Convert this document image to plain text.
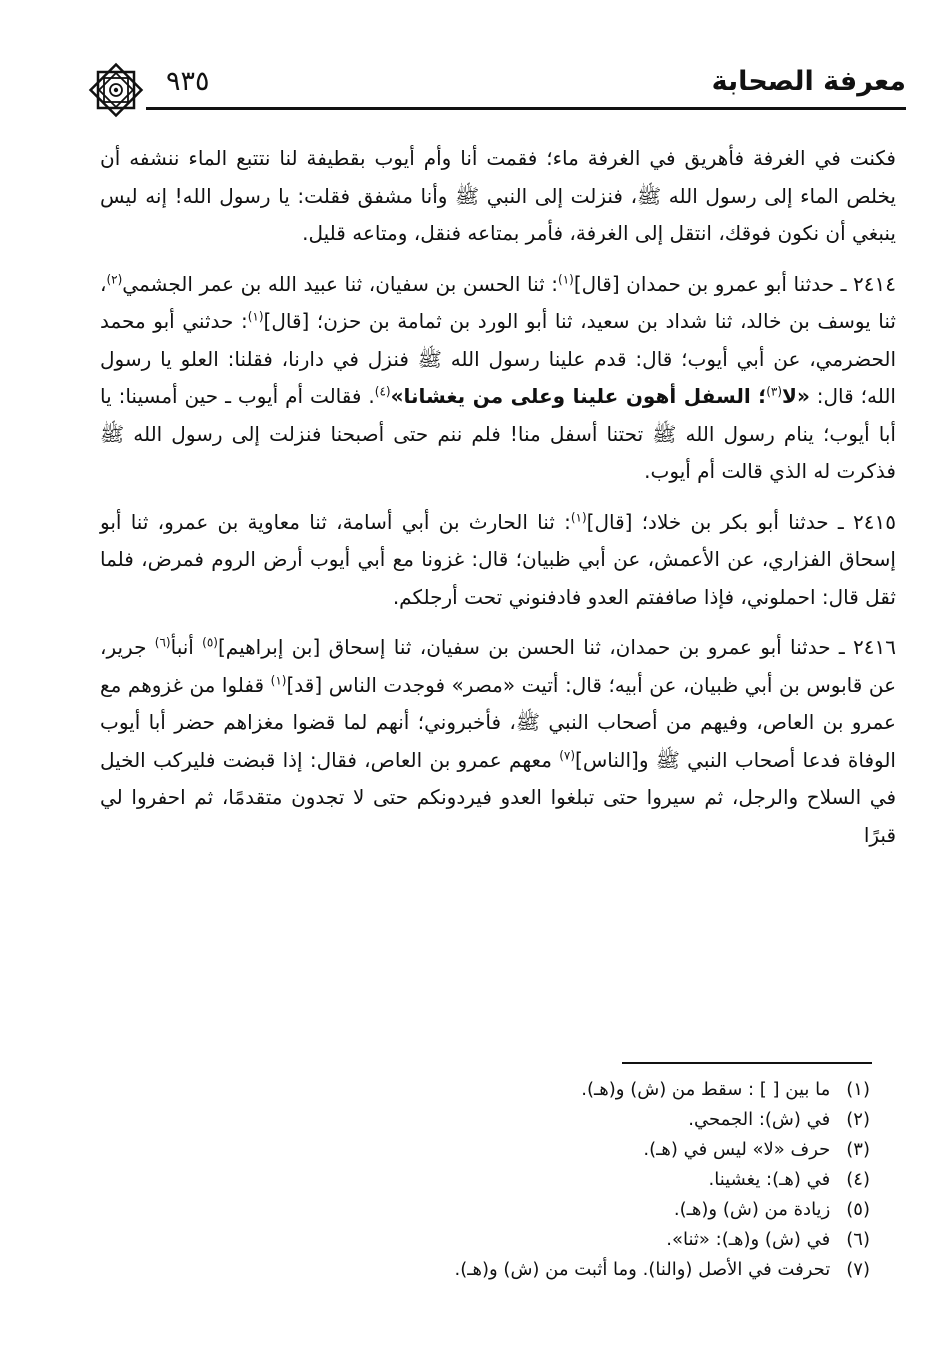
معرفة الصحابة
٩٣٥

فكنت في الغرفة فأهريق في الغرفة ماء؛ فقمت أنا وأم أيوب بقطيفة لنا نتتبع الماء ننشفه أن يخلص الماء إلى رسول الله ﷺ، فنزلت إلى النبي ﷺ وأنا مشفق فقلت: يا رسول الله! إنه ليس ينبغي أن نكون فوقك، انتقل إلى الغرفة، فأمر بمتاعه فنقل، ومتاعه قليل.

٢٤١٤ ـ حدثنا أبو عمرو بن حمدان [قال]$^{(١)}$: ثنا الحسن بن سفيان، ثنا عبيد الله بن عمر الجشمي$^{(٢)}$، ثنا يوسف بن خالد، ثنا شداد بن سعيد، ثنا أبو الورد بن ثمامة بن حزن؛ [قال]$^{(١)}$: حدثني أبو محمد الحضرمي، عن أبي أيوب؛ قال: قدم علينا رسول الله ﷺ فنزل في دارنا، فقلنا: العلو يا رسول الله؛ قال: «لا$^{(٣)}$؛ السفل أهون علينا وعلى من يغشانا»$^{(٤)}$. فقالت أم أيوب ـ حين أمسينا: يا أبا أيوب؛ ينام رسول الله ﷺ تحتنا أسفل منا! فلم ننم حتى أصبحنا فنزلت إلى رسول الله ﷺ فذكرت له الذي قالت أم أيوب.

٢٤١٥ ـ حدثنا أبو بكر بن خلاد؛ [قال]$^{(١)}$: ثنا الحارث بن أبي أسامة، ثنا معاوية بن عمرو، ثنا أبو إسحاق الفزاري، عن الأعمش، عن أبي ظبيان؛ قال: غزونا مع أبي أيوب أرض الروم فمرض، فلما ثقل قال: احملوني، فإذا صاففتم العدو فادفنوني تحت أرجلكم.

٢٤١٦ ـ حدثنا أبو عمرو بن حمدان، ثنا الحسن بن سفيان، ثنا إسحاق [بن إبراهيم]$^{(٥)}$ أنبأ$^{(٦)}$ جرير، عن قابوس بن أبي ظبيان، عن أبيه؛ قال: أتيت «مصر» فوجدت الناس [قد]$^{(١)}$ قفلوا من غزوهم مع عمرو بن العاص، وفيهم من أصحاب النبي ﷺ، فأخبروني؛ أنهم لما قضوا مغزاهم حضر أبا أيوب الوفاة فدعا أصحاب النبي ﷺ و[الناس]$^{(٧)}$ معهم عمرو بن العاص، فقال: إذا قبضت فليركب الخيل في السلاح والرجل، ثم سيروا حتى تبلغوا العدو فيردونكم حتى لا تجدون متقدمًا، ثم احفروا لي قبرًا

(١) ما بين [ ] : سقط من (ش) و(هـ).
(٢) في (ش): الجمحي.
(٣) حرف «لا» ليس في (هـ).
(٤) في (هـ): يغشينا.
(٥) زيادة من (ش) و(هـ).
(٦) في (ش) و(هـ): «ثنا».
(٧) تحرفت في الأصل (والنا). وما أثبت من (ش) و(هـ).
